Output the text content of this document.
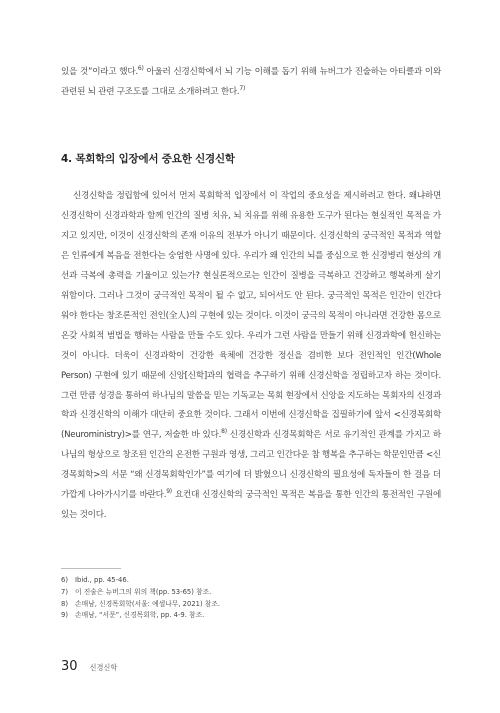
있을 것”이라고 했다.$^{6)}$ 아울러 신경신학에서 뇌 기능 이해를 돕기 위해 뉴버그가 진술하는 아티클과 이와 관련된 뇌 관련 구조도를 그대로 소개하려고 한다.$^{7)}$

4. 목회학의 입장에서 중요한 신경신학

신경신학을 정립함에 있어서 먼저 목회학적 입장에서 이 작업의 중요성을 제시하려고 한다. 왜냐하면 신경신학이 신경과학과 함께 인간의 질병 치유, 뇌 치유를 위해 유용한 도구가 된다는 현실적인 목적을 가지고 있지만, 이것이 신경신학의 존재 이유의 전부가 아니기 때문이다. 신경신학의 궁극적인 목적과 역할은 인류에게 복음을 전한다는 숭엄한 사명에 있다. 우리가 왜 인간의 뇌를 중심으로 한 신경병리 현상의 개선과 극복에 총력을 기울이고 있는가? 현실론적으로는 인간이 질병을 극복하고 건강하고 행복하게 살기 위함이다. 그러나 그것이 궁극적인 목적이 될 수 없고, 되어서도 안 된다. 궁극적인 목적은 인간이 인간다워야 한다는 창조론적인 전인(全人)의 구현에 있는 것이다. 이것이 궁극의 목적이 아니라면 건강한 몸으로 온갖 사회적 범법을 행하는 사람을 만들 수도 있다. 우리가 그런 사람을 만들기 위해 신경과학에 헌신하는 것이 아니다. 더욱이 신경과학이 건강한 육체에 건강한 정신을 겸비한 보다 전인적인 인간(Whole Person) 구현에 있기 때문에 신앙[신학]과의 협력을 추구하기 위해 신경신학을 정립하고자 하는 것이다. 그런 만큼 성경을 통하여 하나님의 말씀을 믿는 기독교는 목회 현장에서 신앙을 지도하는 목회자의 신경과학과 신경신학의 이해가 대단히 중요한 것이다. 그래서 이번에 신경신학을 집필하기에 앞서 <신경목회학(Neuroministry)>를 연구, 저술한 바 있다.$^{8)}$ 신경신학과 신경목회학은 서로 유기적인 관계를 가지고 하나님의 형상으로 창조된 인간의 온전한 구원과 영생, 그리고 인간다운 참 행복을 추구하는 학문인만큼 <신경목회학>의 서문 “왜 신경목회학인가”를 여기에 더 밝혔으니 신경신학의 필요성에 독자들이 한 걸음 더 가깝게 나아가시기를 바란다.$^{9)}$ 요컨대 신경신학의 궁극적인 목적은 복음을 통한 인간의 통전적인 구원에 있는 것이다.

6)	Ibid., pp. 45-46.
7)	이 진술은 뉴버그의 위의 책(pp. 53-65) 참조.
8)	손매남, 신경목회학(서울: 예셀나무, 2021) 참조.
9)	손매남, “서문”, 신경목회학, pp. 4-9. 참조.
30 신경신학
